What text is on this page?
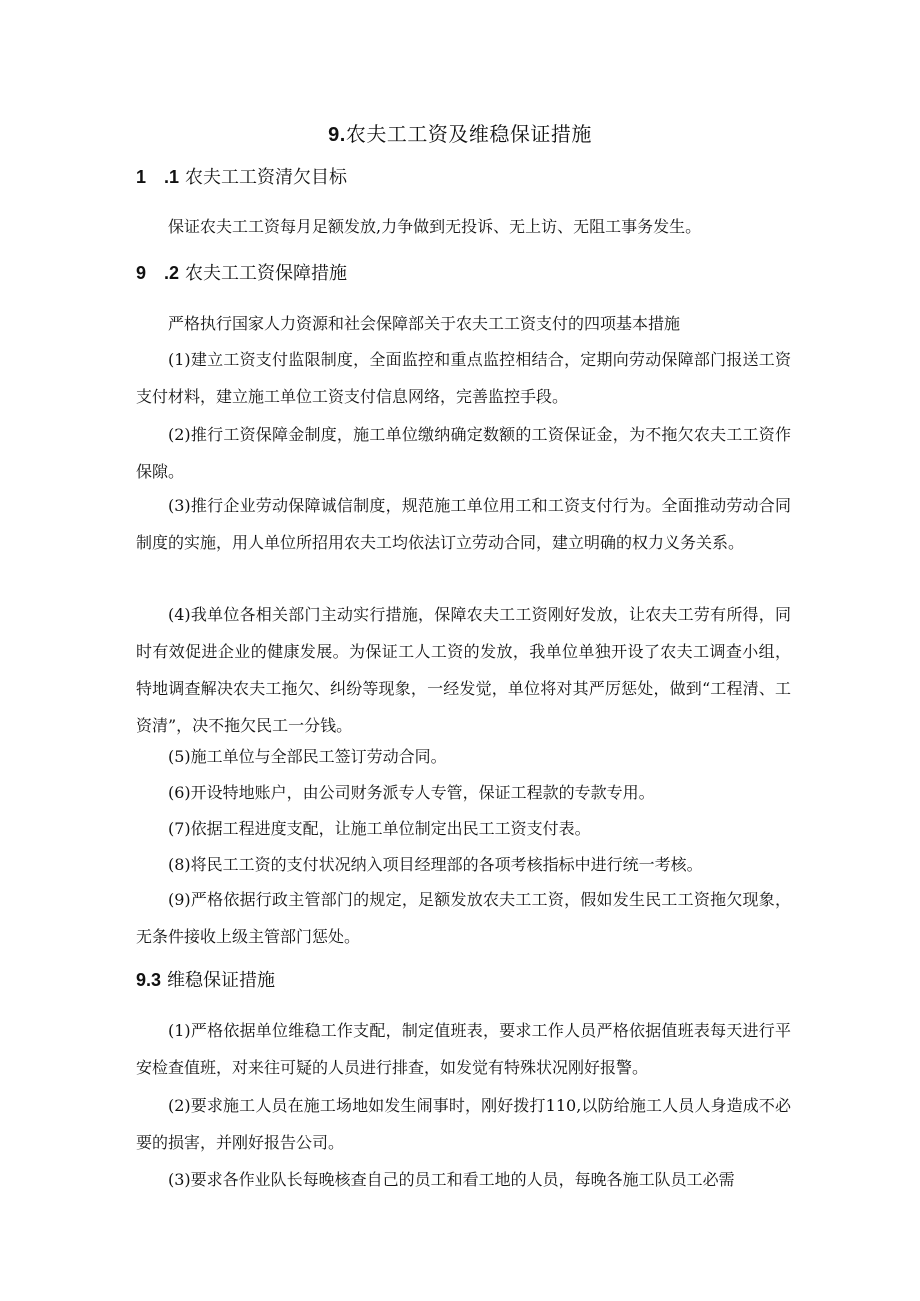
9.农夫工工资及维稳保证措施
1　.1 农夫工工资清欠目标

保证农夫工工资每月足额发放,力争做到无投诉、无上访、无阻工事务发生。

9　.2 农夫工工资保障措施

严格执行国家人力资源和社会保障部关于农夫工工资支付的四项基本措施

(1)建立工资支付监限制度，全面监控和重点监控相结合，定期向劳动保障部门报送工资支付材料，建立施工单位工资支付信息网络，完善监控手段。

(2)推行工资保障金制度，施工单位缴纳确定数额的工资保证金，为不拖欠农夫工工资作保隙。

(3)推行企业劳动保障诚信制度，规范施工单位用工和工资支付行为。全面推动劳动合同制度的实施，用人单位所招用农夫工均依法订立劳动合同，建立明确的权力义务关系。

(4)我单位各相关部门主动实行措施，保障农夫工工资刚好发放，让农夫工劳有所得，同时有效促进企业的健康发展。为保证工人工资的发放，我单位单独开设了农夫工调查小组，特地调查解决农夫工拖欠、纠纷等现象，一经发觉，单位将对其严厉惩处，做到“工程清、工资清”，决不拖欠民工一分钱。

(5)施工单位与全部民工签订劳动合同。

(6)开设特地账户，由公司财务派专人专管，保证工程款的专款专用。

(7)依据工程进度支配，让施工单位制定出民工工资支付表。

(8)将民工工资的支付状况纳入项目经理部的各项考核指标中进行统一考核。

(9)严格依据行政主管部门的规定，足额发放农夫工工资，假如发生民工工资拖欠现象，无条件接收上级主管部门惩处。

9.3 维稳保证措施

(1)严格依据单位维稳工作支配，制定值班表，要求工作人员严格依据值班表每天进行平安检查值班，对来往可疑的人员进行排查，如发觉有特殊状况刚好报警。

(2)要求施工人员在施工场地如发生闹事时，刚好拨打110,以防给施工人员人身造成不必要的损害，并刚好报告公司。

(3)要求各作业队长每晚核查自己的员工和看工地的人员，每晚各施工队员工必需
